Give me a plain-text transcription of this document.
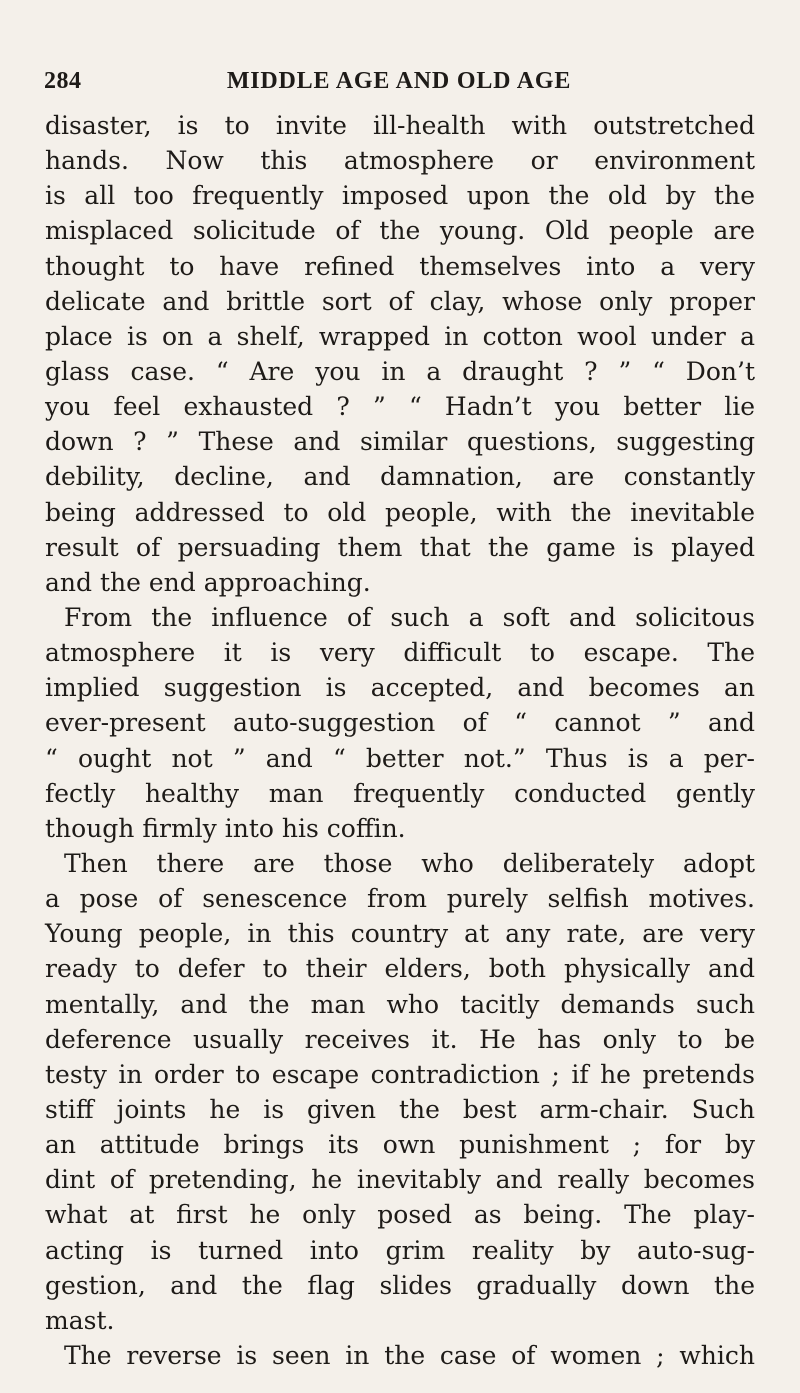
284	MIDDLE AGE AND OLD AGE
disaster, is to invite ill-health with outstretched
hands. Now this atmosphere or environment
is all too frequently imposed upon the old by the
misplaced solicitude of the young. Old people are
thought to have refined themselves into a very
delicate and brittle sort of clay, whose only proper
place is on a shelf, wrapped in cotton wool under a
glass case. “ Are you in a draught ? ” “ Don’t
you feel exhausted ? ” “ Hadn’t you better lie
down ? ” These and similar questions, suggesting
debility, decline, and damnation, are constantly
being addressed to old people, with the inevitable
result of persuading them that the game is played
and the end approaching.
From the influence of such a soft and solicitous
atmosphere it is very difficult to escape. The
implied suggestion is accepted, and becomes an
ever-present auto-suggestion of “ cannot ” and
“ ought not ” and “ better not.” Thus is a per-
fectly healthy man frequently conducted gently
though firmly into his coffin.
Then there are those who deliberately adopt
a pose of senescence from purely selfish motives.
Young people, in this country at any rate, are very
ready to defer to their elders, both physically and
mentally, and the man who tacitly demands such
deference usually receives it. He has only to be
testy in order to escape contradiction ; if he pretends
stiff joints he is given the best arm-chair. Such
an attitude brings its own punishment ; for by
dint of pretending, he inevitably and really becomes
what at first he only posed as being. The play-
acting is turned into grim reality by auto-sug-
gestion, and the flag slides gradually down the
mast.
The reverse is seen in the case of women ; which
